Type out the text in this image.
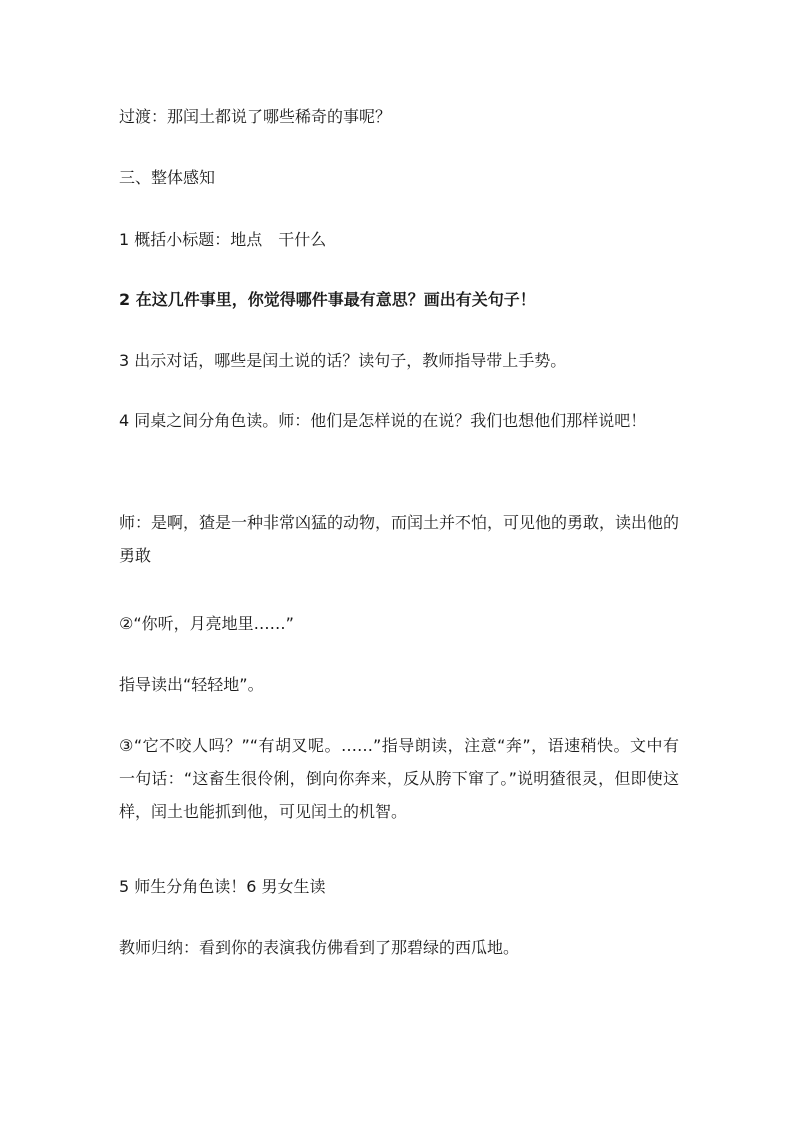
过渡：那闰土都说了哪些稀奇的事呢？
三、整体感知
1 概括小标题：地点　干什么
2 在这几件事里，你觉得哪件事最有意思？画出有关句子！
3 出示对话，哪些是闰土说的话？读句子，教师指导带上手势。
4 同桌之间分角色读。师：他们是怎样说的在说？我们也想他们那样说吧！
师：是啊，猹是一种非常凶猛的动物，而闰土并不怕，可见他的勇敢，读出他的勇敢
②“你听，月亮地里……”
指导读出“轻轻地”。
③“它不咬人吗？”“有胡叉呢。……”指导朗读，注意“奔”，语速稍快。文中有一句话：“这畜生很伶俐，倒向你奔来，反从胯下窜了。”说明猹很灵，但即使这样，闰土也能抓到他，可见闰土的机智。
5 师生分角色读！6 男女生读
教师归纳：看到你的表演我仿佛看到了那碧绿的西瓜地。
